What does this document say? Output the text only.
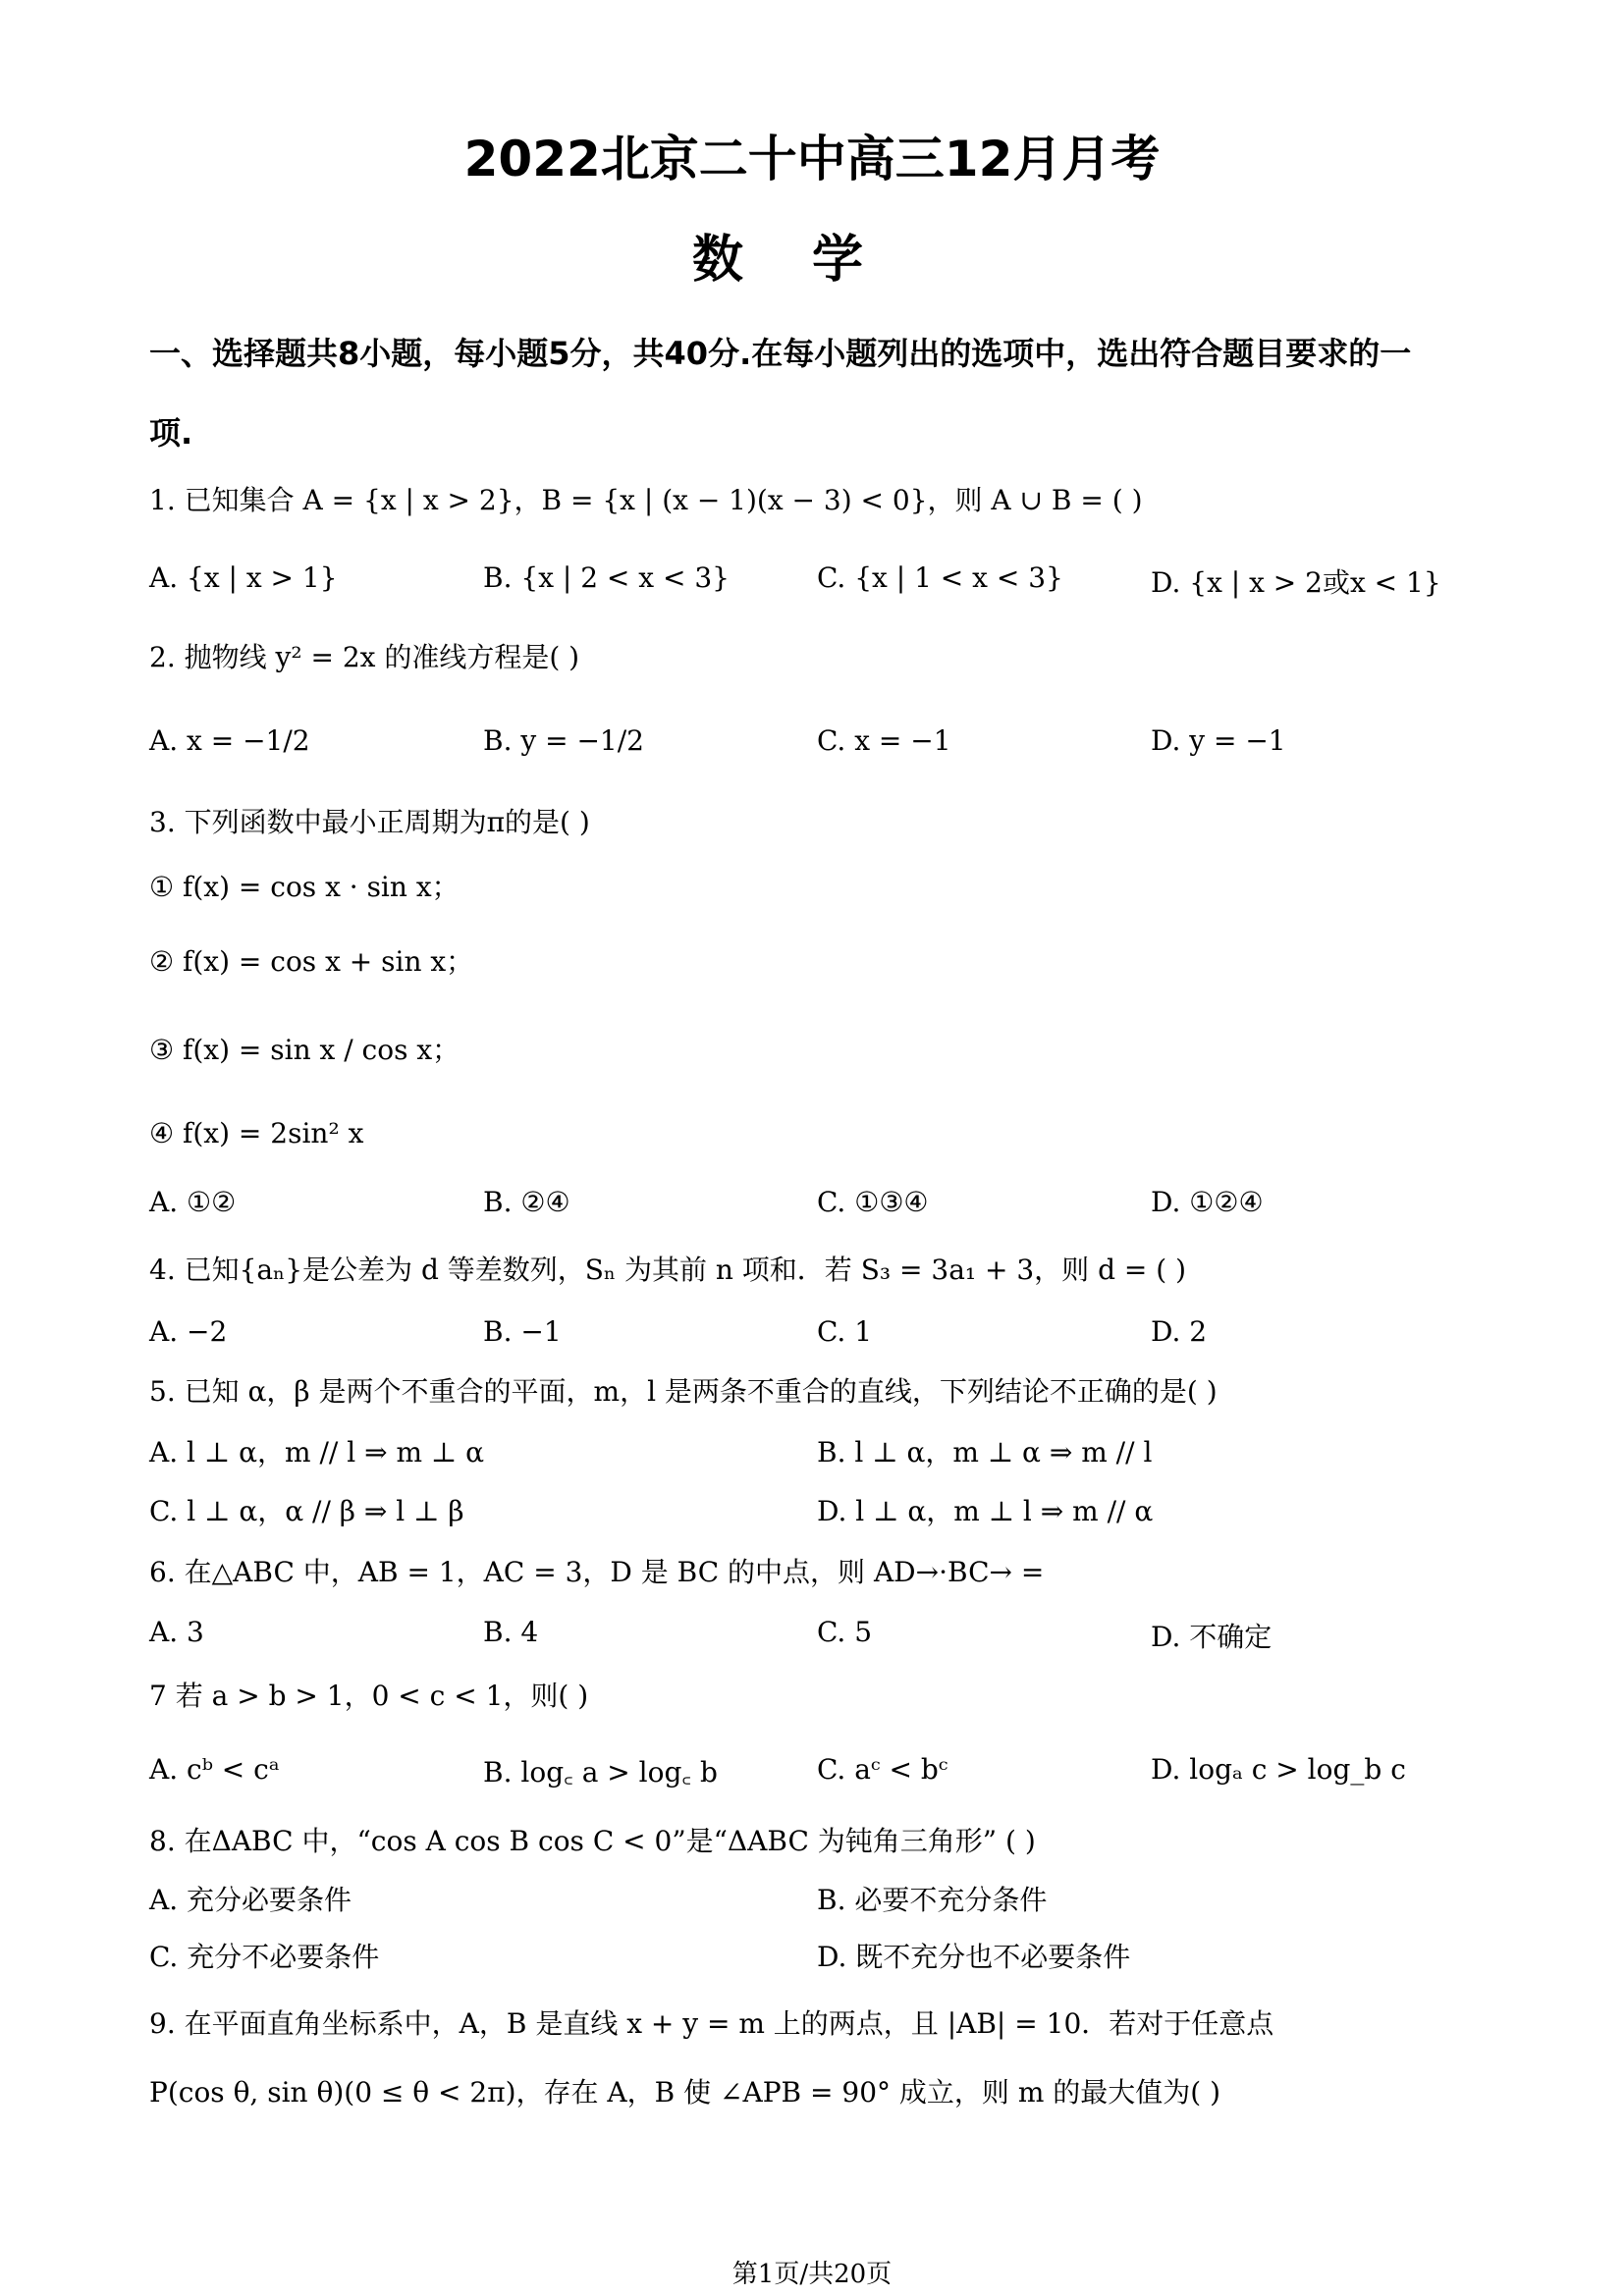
2022北京二十中高三12月月考
数学
一、选择题共8小题，每小题5分，共40分.在每小题列出的选项中，选出符合题目要求的一
项.
1. 已知集合 A = {x | x > 2}，B = {x | (x − 1)(x − 3) < 0}，则 A ∪ B = ( )
A. {x | x > 1}	B. {x | 2 < x < 3}	C. {x | 1 < x < 3}	D. {x | x > 2或x < 1}
2. 抛物线 y² = 2x 的准线方程是( )
A. x = −1/2	B. y = −1/2	C. x = −1	D. y = −1
3. 下列函数中最小正周期为π的是( )
① f(x) = cos x · sin x；
② f(x) = cos x + sin x；
③ f(x) = sin x / cos x；
④ f(x) = 2sin² x
A. ①②	B. ②④	C. ①③④	D. ①②④
4. 已知{aₙ}是公差为 d 等差数列，Sₙ 为其前 n 项和．若 S₃ = 3a₁ + 3，则 d = ( )
A. −2	B. −1	C. 1	D. 2
5. 已知 α，β 是两个不重合的平面，m，l 是两条不重合的直线，下列结论不正确的是( )
A. l ⊥ α，m // l ⇒ m ⊥ α	B. l ⊥ α，m ⊥ α ⇒ m // l
C. l ⊥ α，α // β ⇒ l ⊥ β	D. l ⊥ α，m ⊥ l ⇒ m // α
6. 在△ABC 中，AB = 1，AC = 3，D 是 BC 的中点，则 AD→·BC→ =
A. 3	B. 4	C. 5	D. 不确定
7 若 a > b > 1，0 < c < 1，则( )
A. cᵇ < cᵃ	B. log꜀ a > log꜀ b	C. aᶜ < bᶜ	D. logₐ c > log_b c
8. 在ΔABC 中，“cos A cos B cos C < 0”是“ΔABC 为钝角三角形” ( )
A. 充分必要条件	B. 必要不充分条件
C. 充分不必要条件	D. 既不充分也不必要条件
9. 在平面直角坐标系中，A，B 是直线 x + y = m 上的两点，且 |AB| = 10．若对于任意点
P(cos θ, sin θ)(0 ≤ θ < 2π)，存在 A，B 使 ∠APB = 90° 成立，则 m 的最大值为( )
第1页/共20页
